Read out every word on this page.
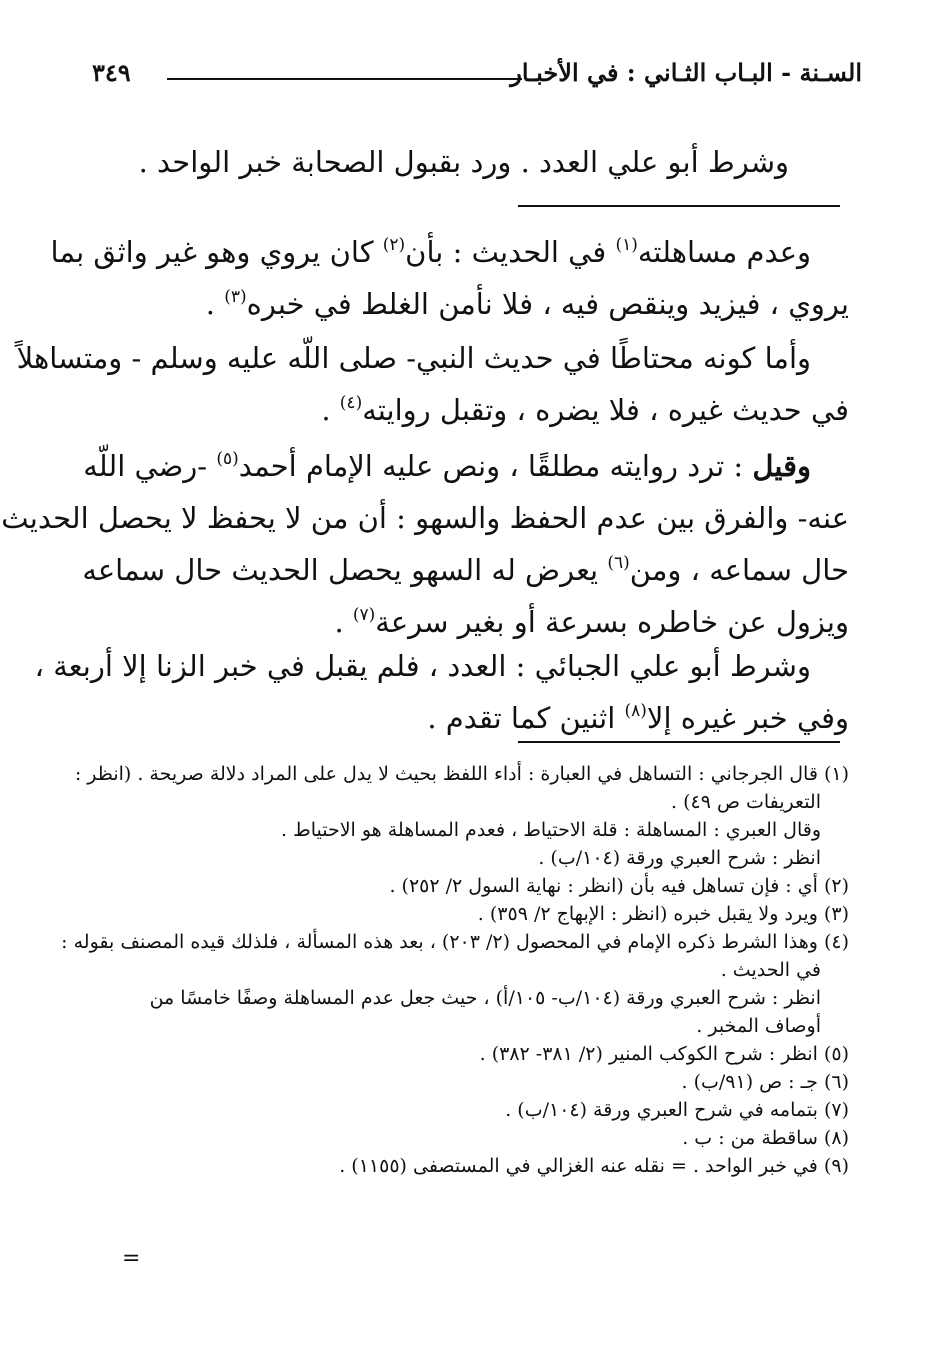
السـنة - البـاب الثـاني : في الأخبـار
٣٤٩
وشرط أبو علي العدد . ورد بقبول الصحابة خبر الواحد .
وعدم مساهلته$^{(١)}$ في الحديث : بأن$^{(٢)}$ كان يروي وهو غير واثق بما
يروي ، فيزيد وينقص فيه ، فلا نأمن الغلط في خبره$^{(٣)}$ .
وأما كونه محتاطًا في حديث النبي- صلى اللّه عليه وسلم - ومتساهلاً
في حديث غيره ، فلا يضره ، وتقبل روايته$^{(٤)}$ .
وقيل : ترد روايته مطلقًا ، ونص عليه الإمام أحمد$^{(٥)}$ -رضي اللّه
عنه- والفرق بين عدم الحفظ والسهو : أن من لا يحفظ لا يحصل الحديث
حال سماعه ، ومن$^{(٦)}$ يعرض له السهو يحصل الحديث حال سماعه
ويزول عن خاطره بسرعة أو بغير سرعة$^{(٧)}$ .
وشرط أبو علي الجبائي : العدد ، فلم يقبل في خبر الزنا إلا أربعة ،
وفي خبر غيره إلا$^{(٨)}$ اثنين كما تقدم .
(١) قال الجرجاني : التساهل في العبارة : أداء اللفظ بحيث لا يدل على المراد دلالة صريحة . (انظر :
التعريفات ص ٤٩) .
وقال العبري : المساهلة : قلة الاحتياط ، فعدم المساهلة هو الاحتياط .
انظر : شرح العبري ورقة (١٠٤/ب) .
(٢) أي : فإن تساهل فيه بأن (انظر : نهاية السول ٢/ ٢٥٢) .
(٣) ويرد ولا يقبل خبره (انظر : الإبهاج ٢/ ٣٥٩) .
(٤) وهذا الشرط ذكره الإمام في المحصول (٢/ ٢٠٣) ، بعد هذه المسألة ، فلذلك قيده المصنف بقوله :
في الحديث .
انظر : شرح العبري ورقة (١٠٤/ب- ١٠٥/أ) ، حيث جعل عدم المساهلة وصفًا خامسًا من
أوصاف المخبر .
(٥) انظر : شرح الكوكب المنير (٢/ ٣٨١- ٣٨٢) .
(٦) جـ : ص (٩١/ب) .
(٧) بتمامه في شرح العبري ورقة (١٠٤/ب) .
(٨) ساقطة من : ب .
(٩) في خبر الواحد . = نقله عنه الغزالي في المستصفى (١١٥٥) .
=
